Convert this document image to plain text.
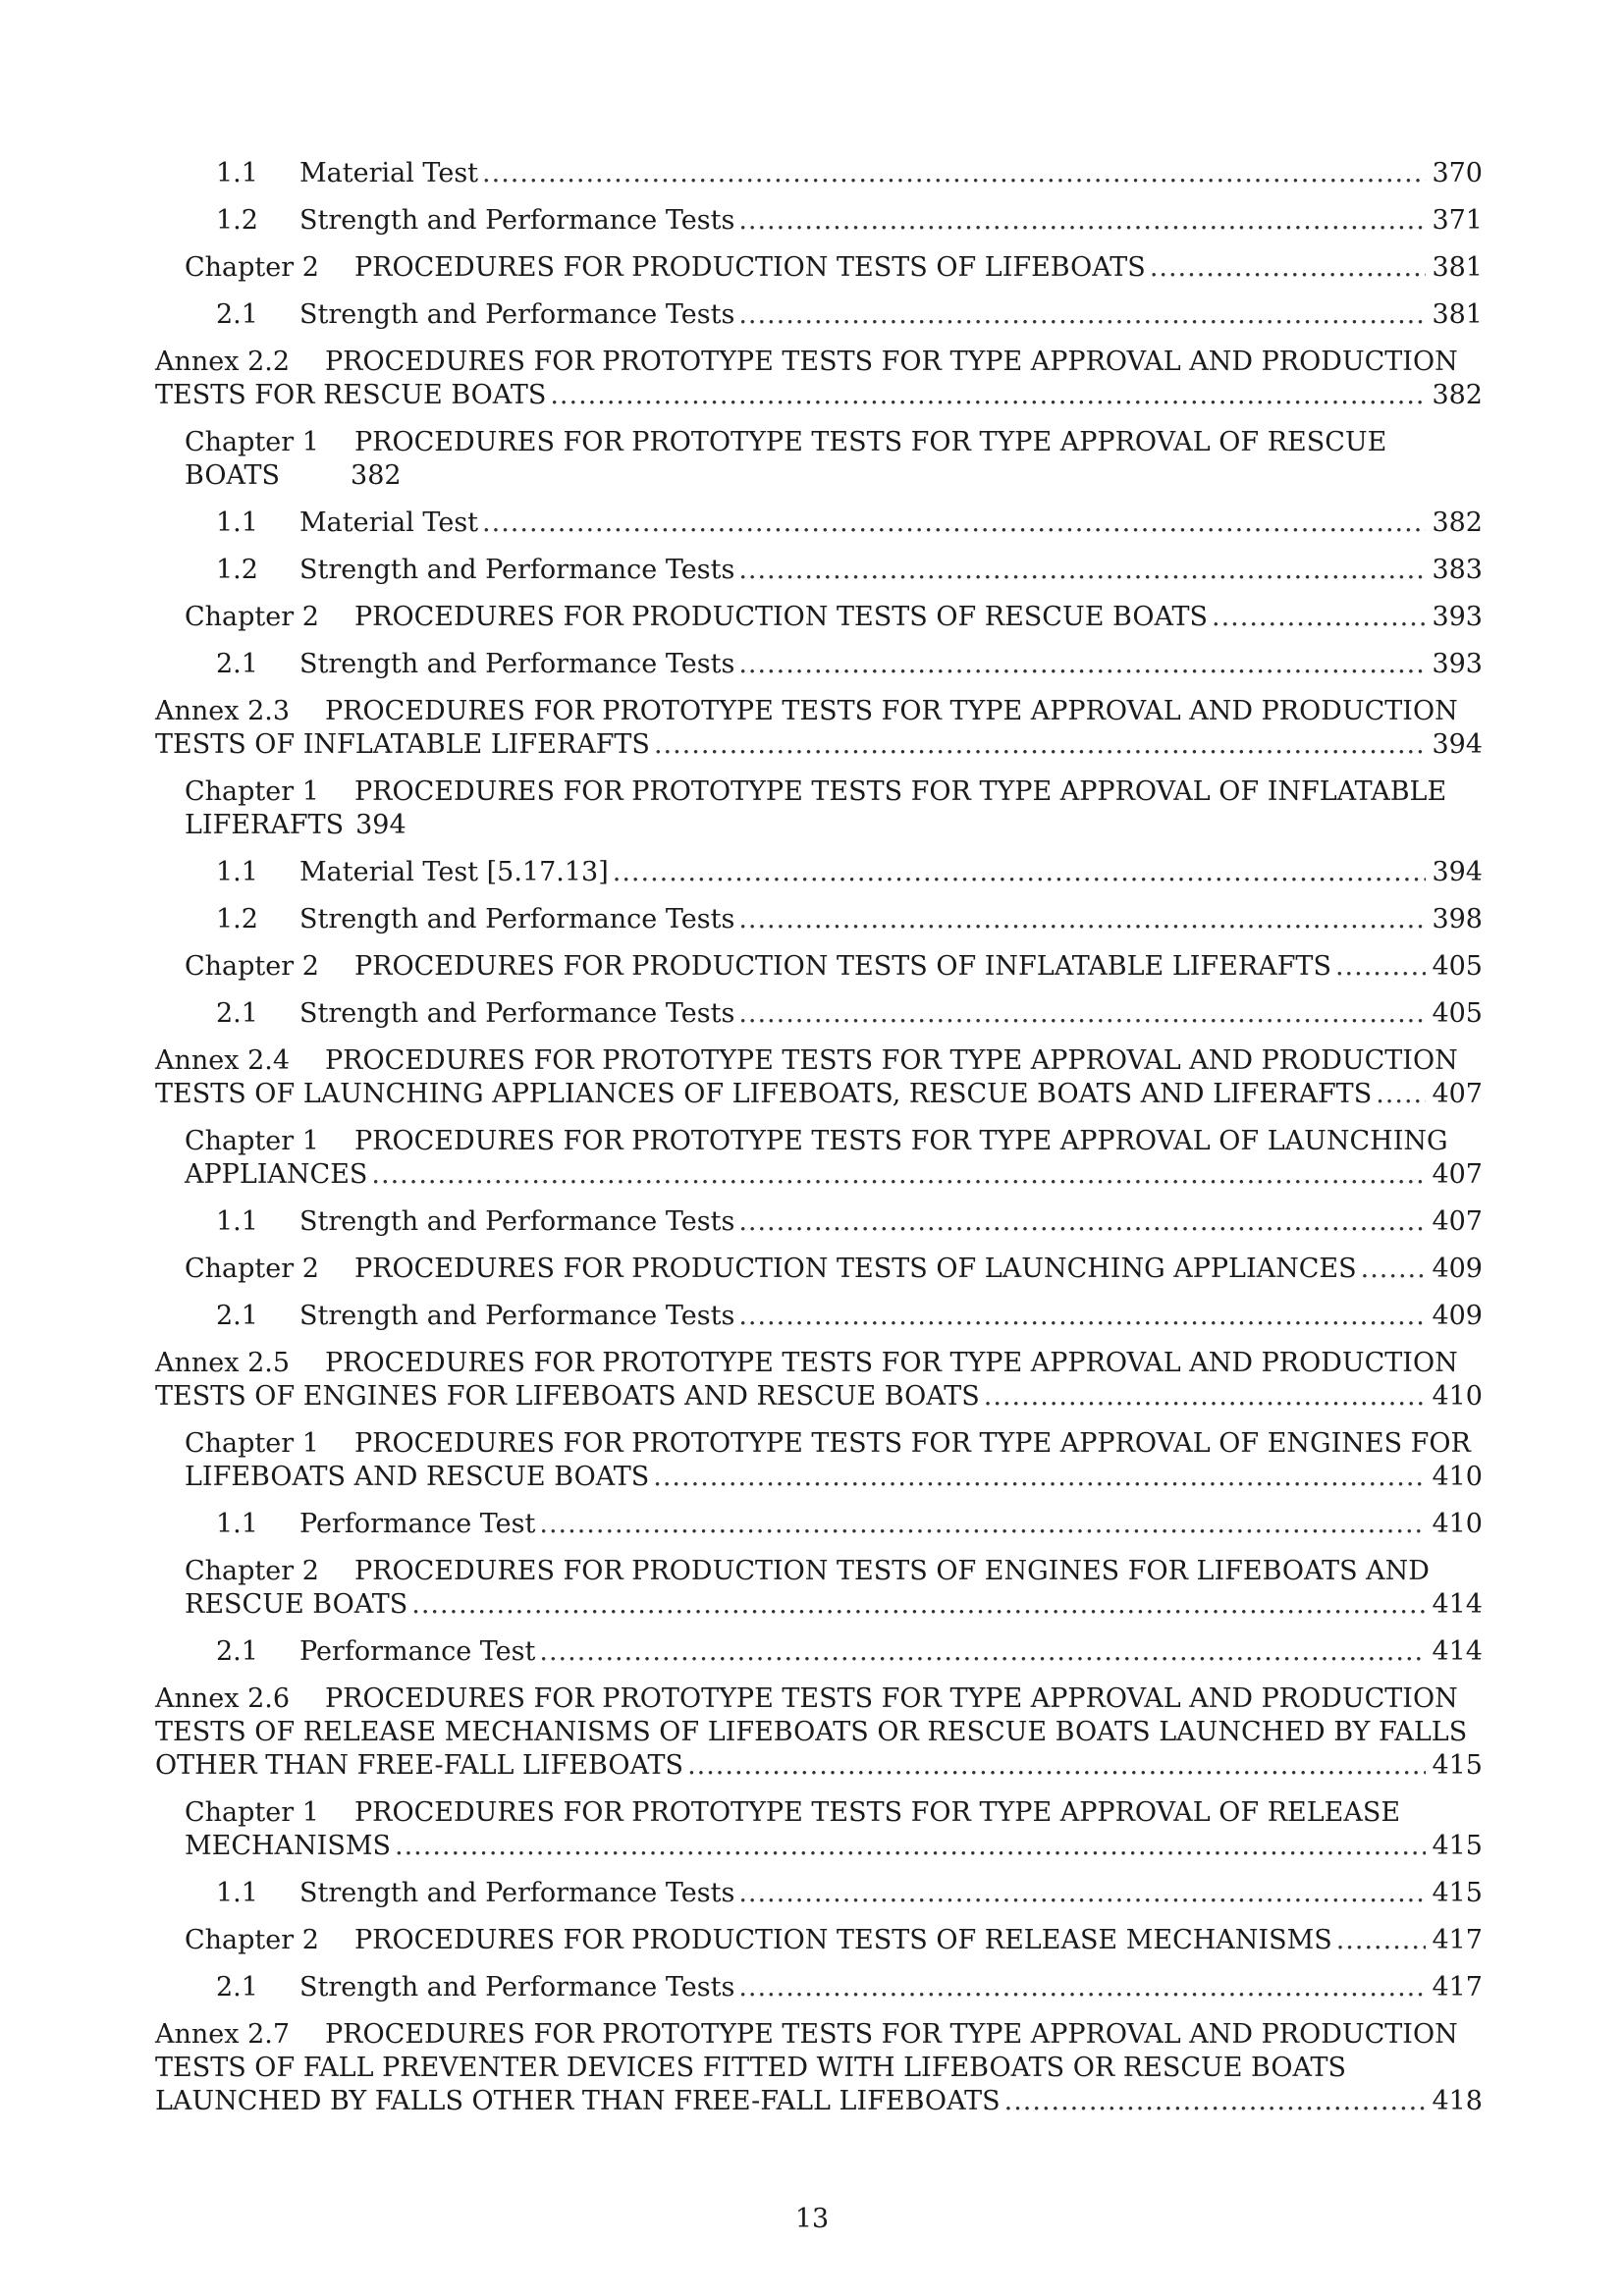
1.1	Material Test .....	370
1.2	Strength and Performance Tests .....	371
Chapter 2	PROCEDURES FOR PRODUCTION TESTS OF LIFEBOATS .....	381
2.1	Strength and Performance Tests .....	381
Annex 2.2	PROCEDURES FOR PROTOTYPE TESTS FOR TYPE APPROVAL AND PRODUCTION
TESTS FOR RESCUE BOATS .....	382
Chapter 1	PROCEDURES FOR PROTOTYPE TESTS FOR TYPE APPROVAL OF RESCUE
BOATS	382
1.1	Material Test .....	382
1.2	Strength and Performance Tests .....	383
Chapter 2	PROCEDURES FOR PRODUCTION TESTS OF RESCUE BOATS .....	393
2.1	Strength and Performance Tests .....	393
Annex 2.3	PROCEDURES FOR PROTOTYPE TESTS FOR TYPE APPROVAL AND PRODUCTION
TESTS OF INFLATABLE LIFERAFTS .....	394
Chapter 1	PROCEDURES FOR PROTOTYPE TESTS FOR TYPE APPROVAL OF INFLATABLE
LIFERAFTS 394
1.1	Material Test [5.17.13] .....	394
1.2	Strength and Performance Tests .....	398
Chapter 2	PROCEDURES FOR PRODUCTION TESTS OF INFLATABLE LIFERAFTS .....	405
2.1	Strength and Performance Tests .....	405
Annex 2.4	PROCEDURES FOR PROTOTYPE TESTS FOR TYPE APPROVAL AND PRODUCTION
TESTS OF LAUNCHING APPLIANCES OF LIFEBOATS, RESCUE BOATS AND LIFERAFTS ..... 407
Chapter 1	PROCEDURES FOR PROTOTYPE TESTS FOR TYPE APPROVAL OF LAUNCHING
APPLIANCES .....	407
1.1	Strength and Performance Tests .....	407
Chapter 2	PROCEDURES FOR PRODUCTION TESTS OF LAUNCHING APPLIANCES .....	409
2.1	Strength and Performance Tests .....	409
Annex 2.5	PROCEDURES FOR PROTOTYPE TESTS FOR TYPE APPROVAL AND PRODUCTION
TESTS OF ENGINES FOR LIFEBOATS AND RESCUE BOATS .....	410
Chapter 1	PROCEDURES FOR PROTOTYPE TESTS FOR TYPE APPROVAL OF ENGINES FOR
LIFEBOATS AND RESCUE BOATS .....	410
1.1	Performance Test .....	410
Chapter 2	PROCEDURES FOR PRODUCTION TESTS OF ENGINES FOR LIFEBOATS AND
RESCUE BOATS .....	414
2.1	Performance Test .....	414
Annex 2.6	PROCEDURES FOR PROTOTYPE TESTS FOR TYPE APPROVAL AND PRODUCTION
TESTS OF RELEASE MECHANISMS OF LIFEBOATS OR RESCUE BOATS LAUNCHED BY FALLS
OTHER THAN FREE-FALL LIFEBOATS .....	415
Chapter 1	PROCEDURES FOR PROTOTYPE TESTS FOR TYPE APPROVAL OF RELEASE
MECHANISMS .....	415
1.1	Strength and Performance Tests .....	415
Chapter 2	PROCEDURES FOR PRODUCTION TESTS OF RELEASE MECHANISMS .....	417
2.1	Strength and Performance Tests .....	417
Annex 2.7	PROCEDURES FOR PROTOTYPE TESTS FOR TYPE APPROVAL AND PRODUCTION
TESTS OF FALL PREVENTER DEVICES FITTED WITH LIFEBOATS OR RESCUE BOATS
LAUNCHED BY FALLS OTHER THAN FREE-FALL LIFEBOATS .....	418
13
